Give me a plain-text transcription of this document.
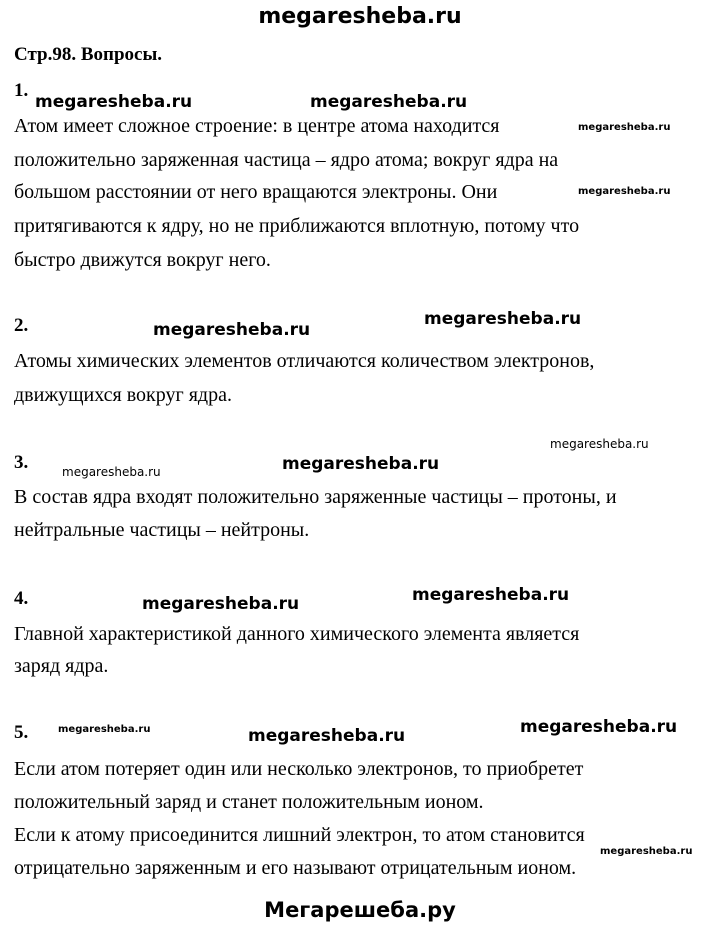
megaresheba.ru
Стр.98. Вопросы.
1.
Атом имеет сложное строение: в центре атома находится
положительно заряженная частица – ядро атома; вокруг ядра на
большом расстоянии от него вращаются электроны. Они
притягиваются к ядру, но не приближаются вплотную, потому что
быстро движутся вокруг него.
2.
Атомы химических элементов отличаются количеством электронов,
движущихся вокруг ядра.
3.
В состав ядра входят положительно заряженные частицы – протоны, и
нейтральные частицы – нейтроны.
4.
Главной характеристикой данного химического элемента является
заряд ядра.
5.
Если атом потеряет один или несколько электронов, то приобретет
положительный заряд и станет положительным ионом.
Если к атому присоединится лишний электрон, то атом становится
отрицательно заряженным и его называют отрицательным ионом.
megaresheba.ru	megaresheba.ru
megaresheba.ru
megaresheba.ru
megaresheba.ru
megaresheba.ru
megaresheba.ru
megaresheba.ru	megaresheba.ru
megaresheba.ru	megaresheba.ru
megaresheba.ru	megaresheba.ru	megaresheba.ru
megaresheba.ru
Мегарешеба.ру
